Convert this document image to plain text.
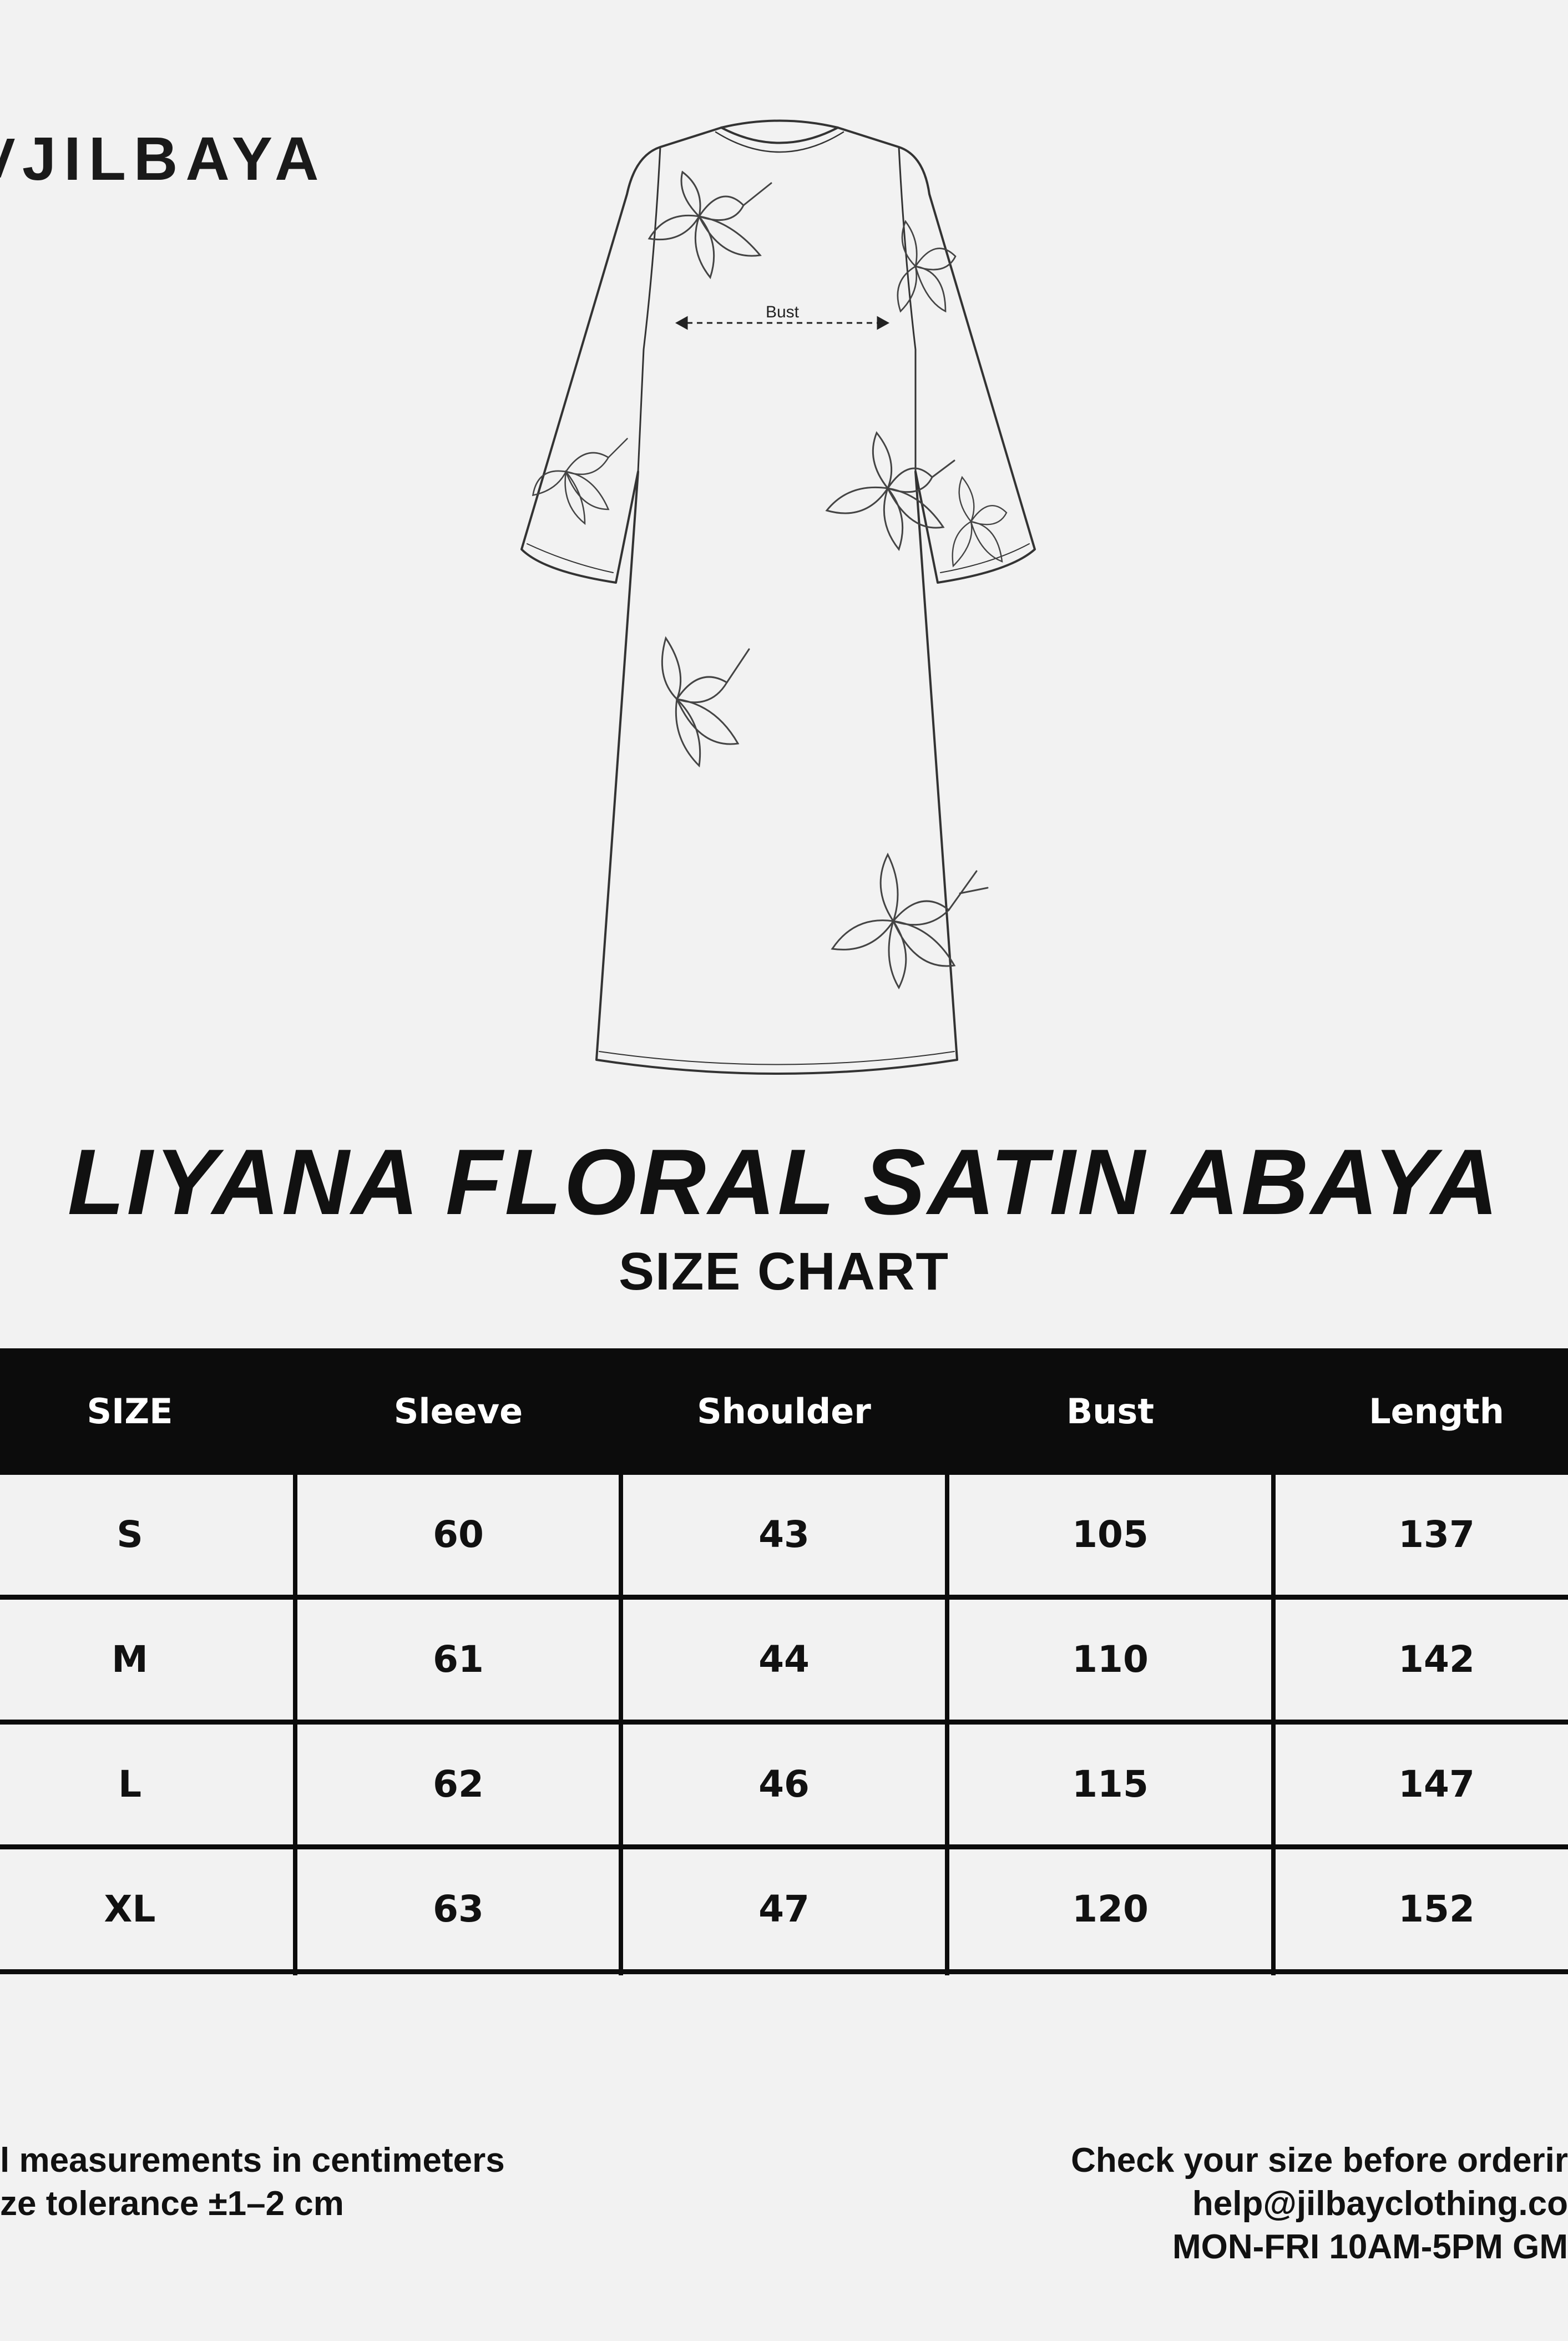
JILBAYA
Bust
LIYANA FLORAL SATIN ABAYA
SIZE CHART
SIZE	Sleeve	Shoulder	Bust	Length
S	60	43	105	137
M	61	44	110	142
L	62	46	115	147
XL	63	47	120	152
l measurements in centimeters
ze tolerance ±1–2 cm
Check your size before orderir
help@jilbayclothing.co
MON-FRI 10AM-5PM GM
